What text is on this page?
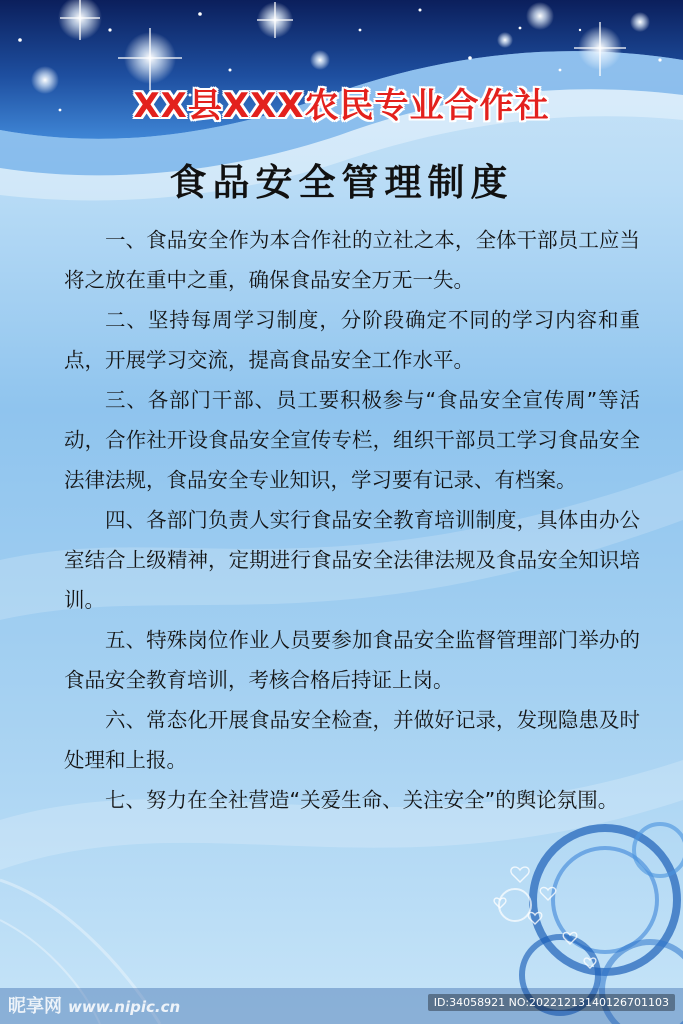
XX县XXX农民专业合作社
食品安全管理制度

一、食品安全作为本合作社的立社之本，全体干部员工应当将之放在重中之重，确保食品安全万无一失。

二、坚持每周学习制度，分阶段确定不同的学习内容和重点，开展学习交流，提高食品安全工作水平。

三、各部门干部、员工要积极参与“食品安全宣传周”等活动，合作社开设食品安全宣传专栏，组织干部员工学习食品安全法律法规，食品安全专业知识，学习要有记录、有档案。

四、各部门负责人实行食品安全教育培训制度，具体由办公室结合上级精神，定期进行食品安全法律法规及食品安全知识培训。

五、特殊岗位作业人员要参加食品安全监督管理部门举办的食品安全教育培训，考核合格后持证上岗。

六、常态化开展食品安全检查，并做好记录，发现隐患及时处理和上报。

七、努力在全社营造“关爱生命、关注安全”的舆论氛围。

昵享网 www.nipic.cn	ID:34058921 NO:20221213140126701103
